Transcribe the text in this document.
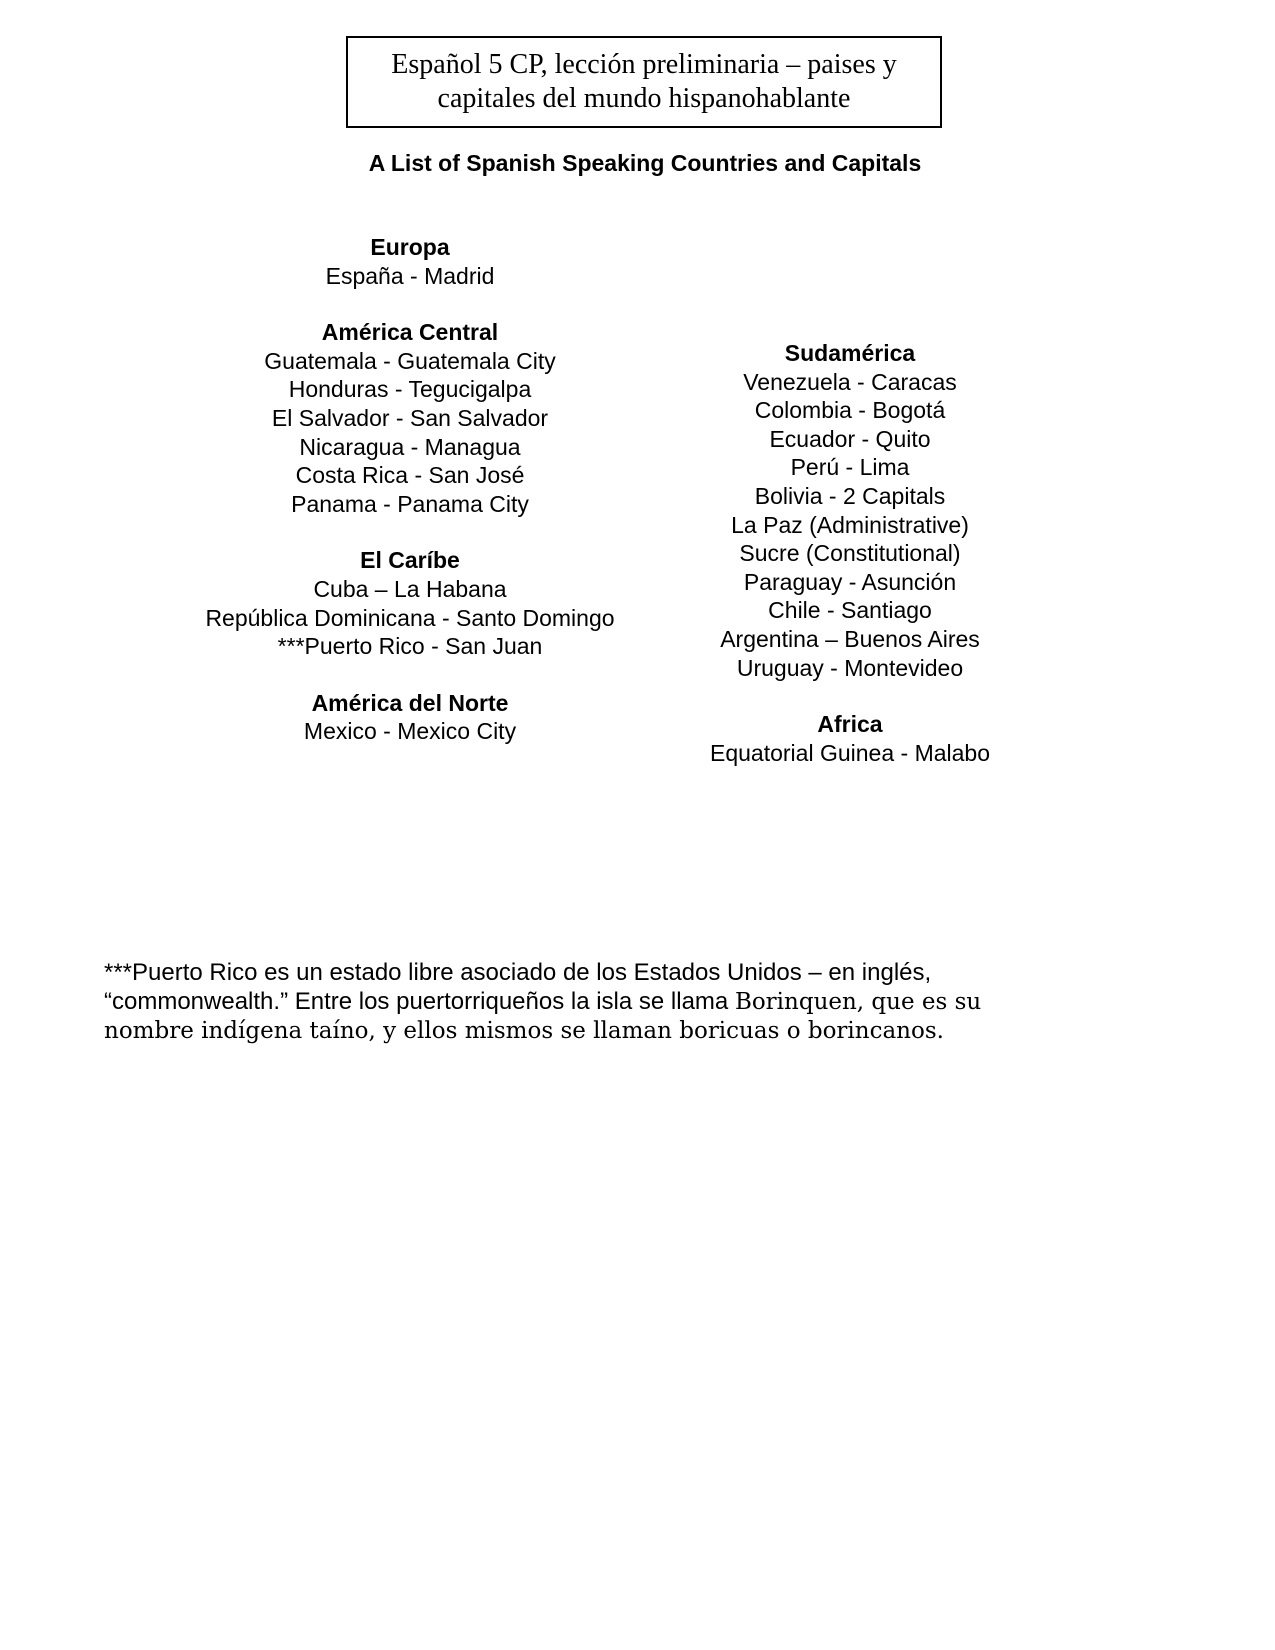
Español 5 CP, lección preliminaria – paises y
capitales del mundo hispanohablante
A List of Spanish Speaking Countries and Capitals
Europa
España - Madrid
América Central
Guatemala - Guatemala City
Honduras - Tegucigalpa
El Salvador - San Salvador
Nicaragua - Managua
Costa Rica - San José
Panama - Panama City
El Caríbe
Cuba – La Habana
República Dominicana - Santo Domingo
***Puerto Rico - San Juan
América del Norte
Mexico - Mexico City
Sudamérica
Venezuela - Caracas
Colombia - Bogotá
Ecuador - Quito
Perú - Lima
Bolivia - 2 Capitals
La Paz (Administrative)
Sucre (Constitutional)
Paraguay - Asunción
Chile - Santiago
Argentina – Buenos Aires
Uruguay - Montevideo
Africa
Equatorial Guinea - Malabo
***Puerto Rico es un estado libre asociado de los Estados Unidos – en inglés,
“commonwealth.” Entre los puertorriqueños la isla se llama Borinquen, que es su
nombre indígena taíno, y ellos mismos se llaman boricuas o borincanos.
